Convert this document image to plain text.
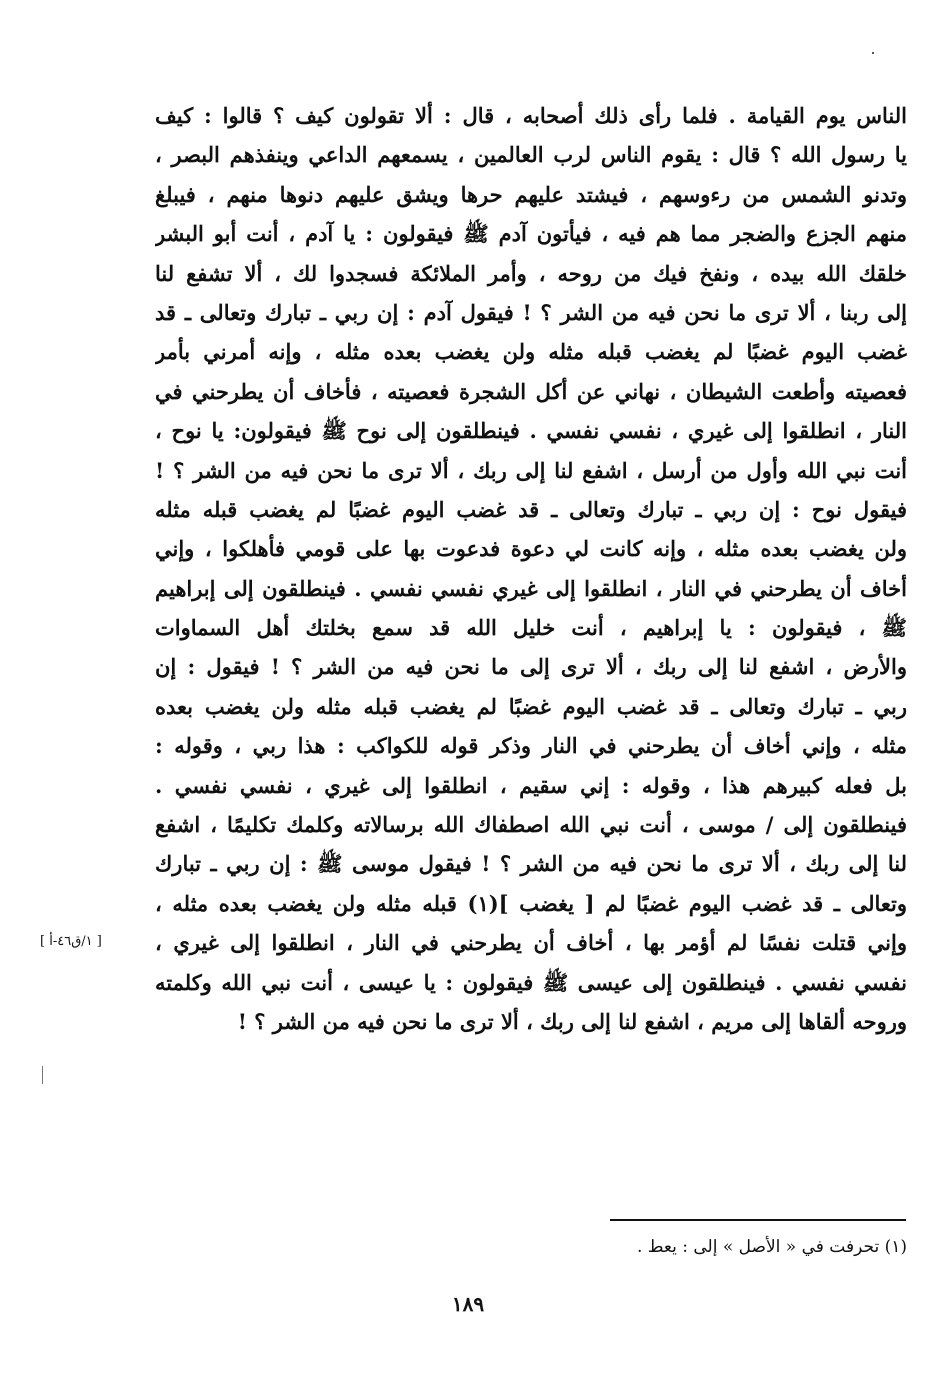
الناس يوم القيامة . فلما رأى ذلك أصحابه ، قال : ألا تقولون كيف ؟ قالوا : كيف
يا رسول الله ؟ قال : يقوم الناس لرب العالمين ، يسمعهم الداعي وينفذهم البصر ،
وتدنو الشمس من رءوسهم ، فيشتد عليهم حرها ويشق عليهم دنوها منهم ، فيبلغ
منهم الجزع والضجر مما هم فيه ، فيأتون آدم ﷺ فيقولون : يا آدم ، أنت أبو البشر
خلقك الله بيده ، ونفخ فيك من روحه ، وأمر الملائكة فسجدوا لك ، ألا تشفع لنا
إلى ربنا ، ألا ترى ما نحن فيه من الشر ؟ ! فيقول آدم : إن ربي ـ تبارك وتعالى ـ قد
غضب اليوم غضبًا لم يغضب قبله مثله ولن يغضب بعده مثله ، وإنه أمرني بأمر
فعصيته وأطعت الشيطان ، نهاني عن أكل الشجرة فعصيته ، فأخاف أن يطرحني في
النار ، انطلقوا إلى غيري ، نفسي نفسي . فينطلقون إلى نوح ﷺ فيقولون: يا نوح ،
أنت نبي الله وأول من أرسل ، اشفع لنا إلى ربك ، ألا ترى ما نحن فيه من الشر ؟ !
فيقول نوح : إن ربي ـ تبارك وتعالى ـ قد غضب اليوم غضبًا لم يغضب قبله مثله
ولن يغضب بعده مثله ، وإنه كانت لي دعوة فدعوت بها على قومي فأهلكوا ، وإني
أخاف أن يطرحني في النار ، انطلقوا إلى غيري نفسي نفسي . فينطلقون إلى إبراهيم
ﷺ ، فيقولون : يا إبراهيم ، أنت خليل الله قد سمع بخلتك أهل السماوات
والأرض ، اشفع لنا إلى ربك ، ألا ترى إلى ما نحن فيه من الشر ؟ ! فيقول : إن
ربي ـ تبارك وتعالى ـ قد غضب اليوم غضبًا لم يغضب قبله مثله ولن يغضب بعده
مثله ، وإني أخاف أن يطرحني في النار وذكر قوله للكواكب : هذا ربي ، وقوله :
بل فعله كبيرهم هذا ، وقوله : إني سقيم ، انطلقوا إلى غيري ، نفسي نفسي .
فينطلقون إلى / موسى ، أنت نبي الله اصطفاك الله برسالاته وكلمك تكليمًا ، اشفع
لنا إلى ربك ، ألا ترى ما نحن فيه من الشر ؟ ! فيقول موسى ﷺ : إن ربي ـ تبارك
وتعالى ـ قد غضب اليوم غضبًا لم [ يغضب ](١) قبله مثله ولن يغضب بعده مثله ،
وإني قتلت نفسًا لم أؤمر بها ، أخاف أن يطرحني في النار ، انطلقوا إلى غيري ،
نفسي نفسي . فينطلقون إلى عيسى ﷺ فيقولون : يا عيسى ، أنت نبي الله وكلمته
وروحه ألقاها إلى مريم ، اشفع لنا إلى ربك ، ألا ترى ما نحن فيه من الشر ؟ !
[ ١/ق٤٦-أ ]
(١) تحرفت في « الأصل » إلى : يعط .
١٨٩
